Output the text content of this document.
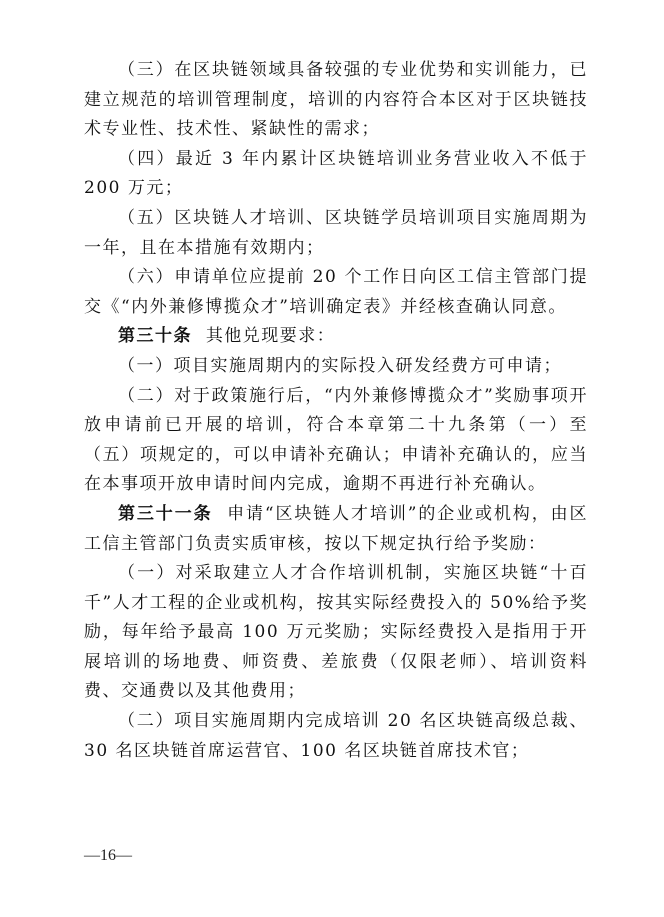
（三）在区块链领域具备较强的专业优势和实训能力，已建立规范的培训管理制度，培训的内容符合本区对于区块链技术专业性、技术性、紧缺性的需求；

（四）最近 3 年内累计区块链培训业务营业收入不低于 200 万元；

（五）区块链人才培训、区块链学员培训项目实施周期为一年，且在本措施有效期内；

（六）申请单位应提前 20 个工作日向区工信主管部门提交《“内外兼修博揽众才”培训确定表》并经核查确认同意。

第三十条 其他兑现要求：

（一）项目实施周期内的实际投入研发经费方可申请；

（二）对于政策施行后，“内外兼修博揽众才”奖励事项开放申请前已开展的培训，符合本章第二十九条第（一）至（五）项规定的，可以申请补充确认；申请补充确认的，应当在本事项开放申请时间内完成，逾期不再进行补充确认。

第三十一条 申请“区块链人才培训”的企业或机构，由区工信主管部门负责实质审核，按以下规定执行给予奖励：

（一）对采取建立人才合作培训机制，实施区块链“十百千”人才工程的企业或机构，按其实际经费投入的 50%给予奖励，每年给予最高 100 万元奖励；实际经费投入是指用于开展培训的场地费、师资费、差旅费（仅限老师）、培训资料费、交通费以及其他费用；

（二）项目实施周期内完成培训 20 名区块链高级总裁、30 名区块链首席运营官、100 名区块链首席技术官；

—16—
